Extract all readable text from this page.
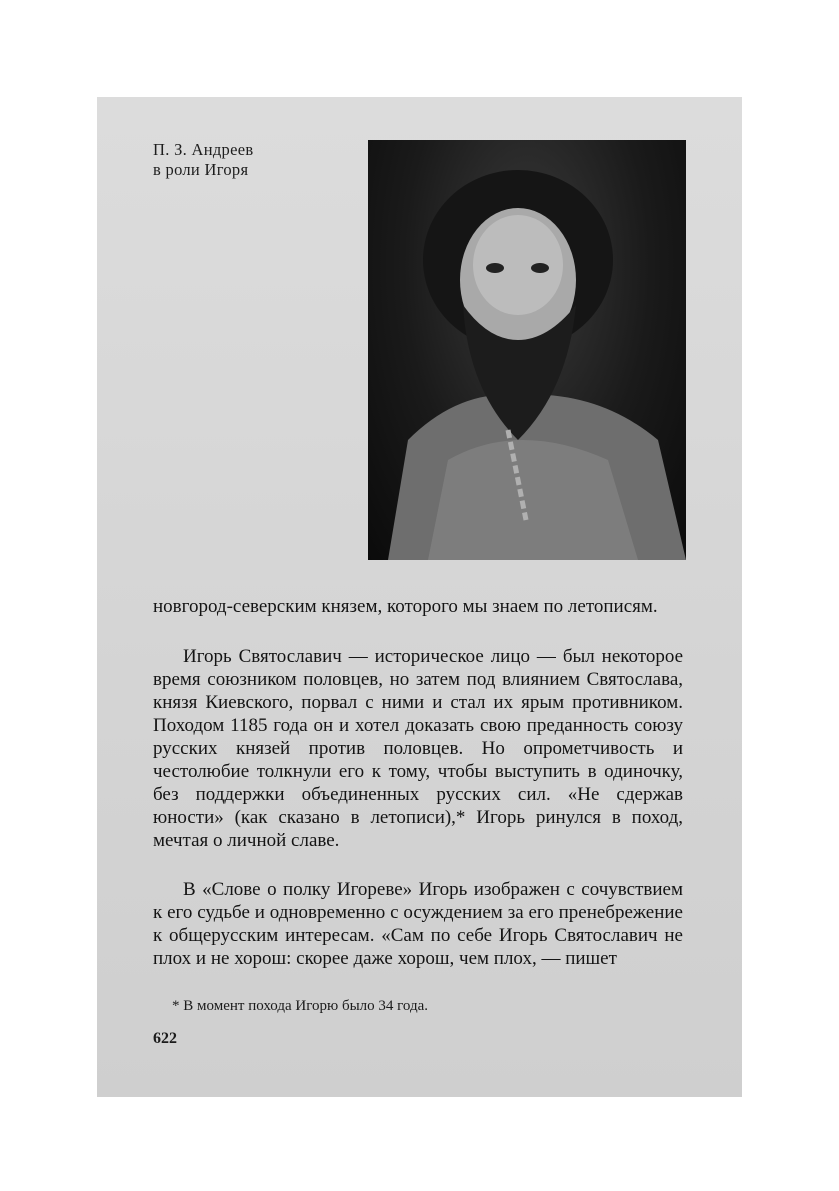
П. З. Андреев
в роли Игоря
новгород-северским князем, которого мы знаем по летописям.
Игорь Святославич — историческое лицо — был некоторое время союзником половцев, но затем под влиянием Святослава, князя Киевского, порвал с ними и стал их ярым противником. Походом 1185 года он и хотел доказать свою преданность союзу русских князей против половцев. Но опрометчивость и честолюбие толкнули его к тому, чтобы выступить в одиночку, без поддержки объединенных русских сил. «Не сдержав юности» (как сказано в летописи),* Игорь ринулся в поход, мечтая о личной славе.
В «Слове о полку Игореве» Игорь изображен с сочувствием к его судьбе и одновременно с осуждением за его пренебрежение к общерусским интересам. «Сам по себе Игорь Святославич не плох и не хорош: скорее даже хорош, чем плох, — пишет
* В момент похода Игорю было 34 года.
622
